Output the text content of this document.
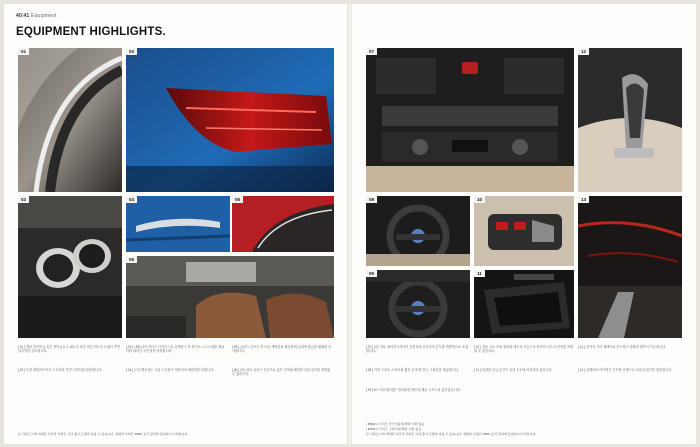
40|41 Equipment
EQUIPMENT HIGHLIGHTS.
01
02
03
04	05
06
[ 01 ] 새틴 알루미늄 혹은 하이글로스 쉐도우 라인 마감 윈도우 트림이 측면 실루엣을 강조합니다.
[ 02 ] 트윈 테일파이프가 스포티한 후면 디자인을 완성합니다.
[ 03 ] LED 리어 라이트 디자인으로 선명한 'L'자 라이트 시그니처를 제공하며 뛰어난 시인성을 자랑합니다.
[ 04 ] 도어 핸들에는 크롬 스트립이 적용되어 세련미를 더합니다.
[ 05 ] 글라스 루프는 탁 트인 개방감을 제공하며 실내에 충분한 채광을 선사합니다.
[ 06 ] 파노라마 글라스 선루프로 넓은 시야와 쾌적한 실내 공간을 경험할 수 있습니다.
본 카탈로그에 게재된 사진과 사양은 국내 출시 모델과 다를 수 있습니다. 정확한 사양은 BMW 공식 딜러에 문의하시기 바랍니다.
07	12
08	10	13
09	11
[ 07 ] 2존 자동 에어컨디셔닝이 운전석과 조수석의 온도를 개별적으로 조절합니다.
[ 08 ] 가죽 스포츠 스티어링 휠은 손에 잘 맞는 그립감을 제공합니다.
[ 09 ] M 스티어링 휠은 멀티펑션 버튼과 패들 시프트를 갖추었습니다.
[ 10 ] 전동 시트 조절 장치와 메모리 기능으로 최적의 시트 포지션을 저장할 수 있습니다.
[ 11 ] 다양한 수납 공간이 실내 곳곳에 마련되어 있습니다.
[ 12 ] 전자식 기어 셀렉터로 부드럽고 정확한 변속이 가능합니다.
[ 13 ] 인테리어 라이팅은 은은한 조명으로 실내 분위기를 연출합니다.
¹ BMW 4 시리즈 카브리올레 해당 사항 없음.
² BMW 4 시리즈 그란쿠페 해당 사항 없음.
본 카탈로그에 게재된 사진과 사양은 국내 출시 모델과 다를 수 있습니다. 정확한 사양은 BMW 공식 딜러에 문의하시기 바랍니다.
